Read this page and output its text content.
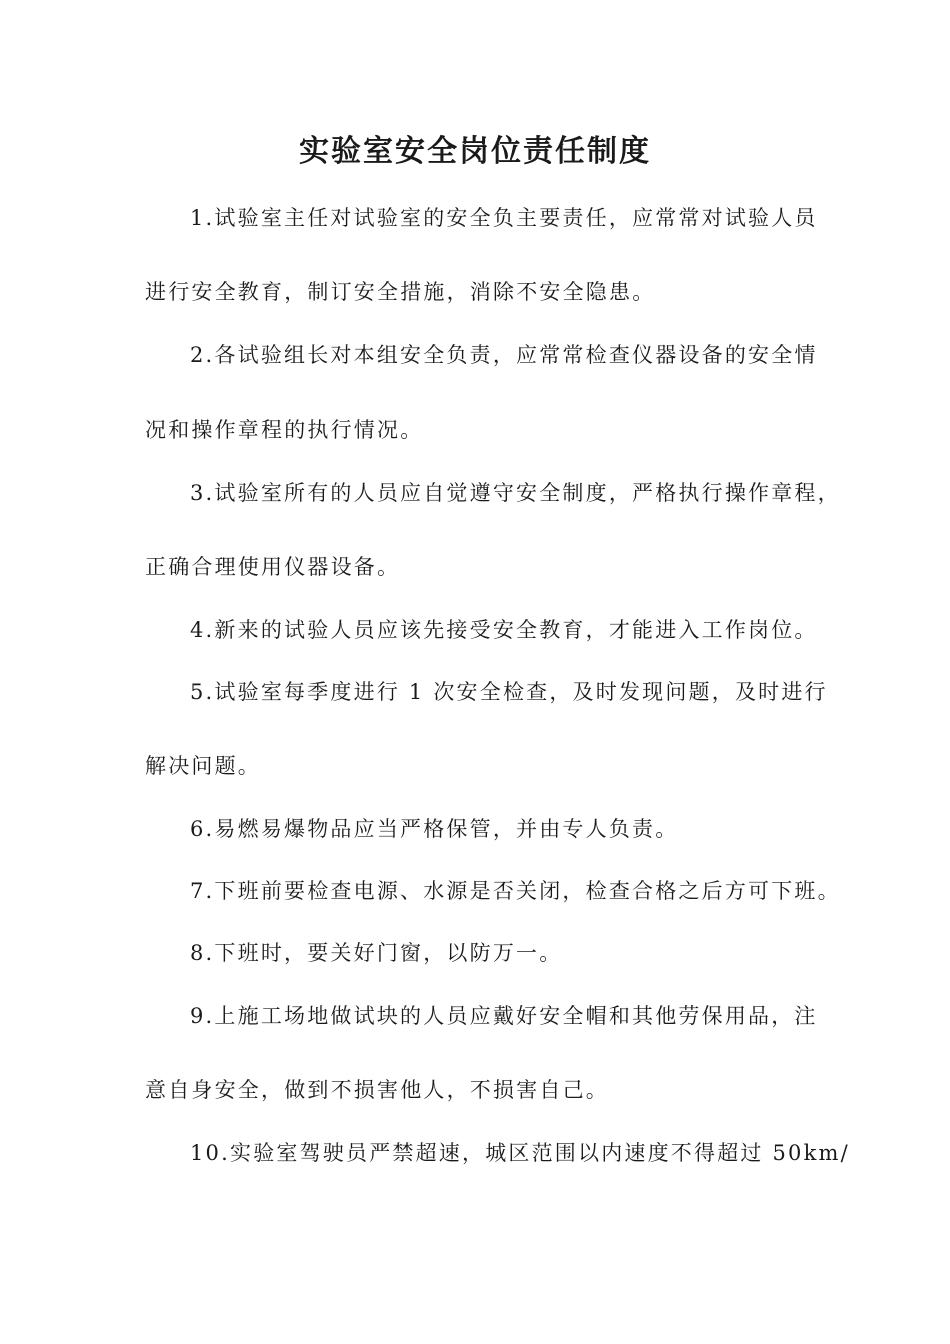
实验室安全岗位责任制度
1.试验室主任对试验室的安全负主要责任，应常常对试验人员
进行安全教育，制订安全措施，消除不安全隐患。
2.各试验组长对本组安全负责，应常常检查仪器设备的安全情
况和操作章程的执行情况。
3.试验室所有的人员应自觉遵守安全制度，严格执行操作章程，
正确合理使用仪器设备。
4.新来的试验人员应该先接受安全教育，才能进入工作岗位。
5.试验室每季度进行 1 次安全检查，及时发现问题，及时进行
解决问题。
6.易燃易爆物品应当严格保管，并由专人负责。
7.下班前要检查电源、水源是否关闭，检查合格之后方可下班。
8.下班时，要关好门窗，以防万一。
9.上施工场地做试块的人员应戴好安全帽和其他劳保用品，注
意自身安全，做到不损害他人，不损害自己。
10.实验室驾驶员严禁超速，城区范围以内速度不得超过 50km/
